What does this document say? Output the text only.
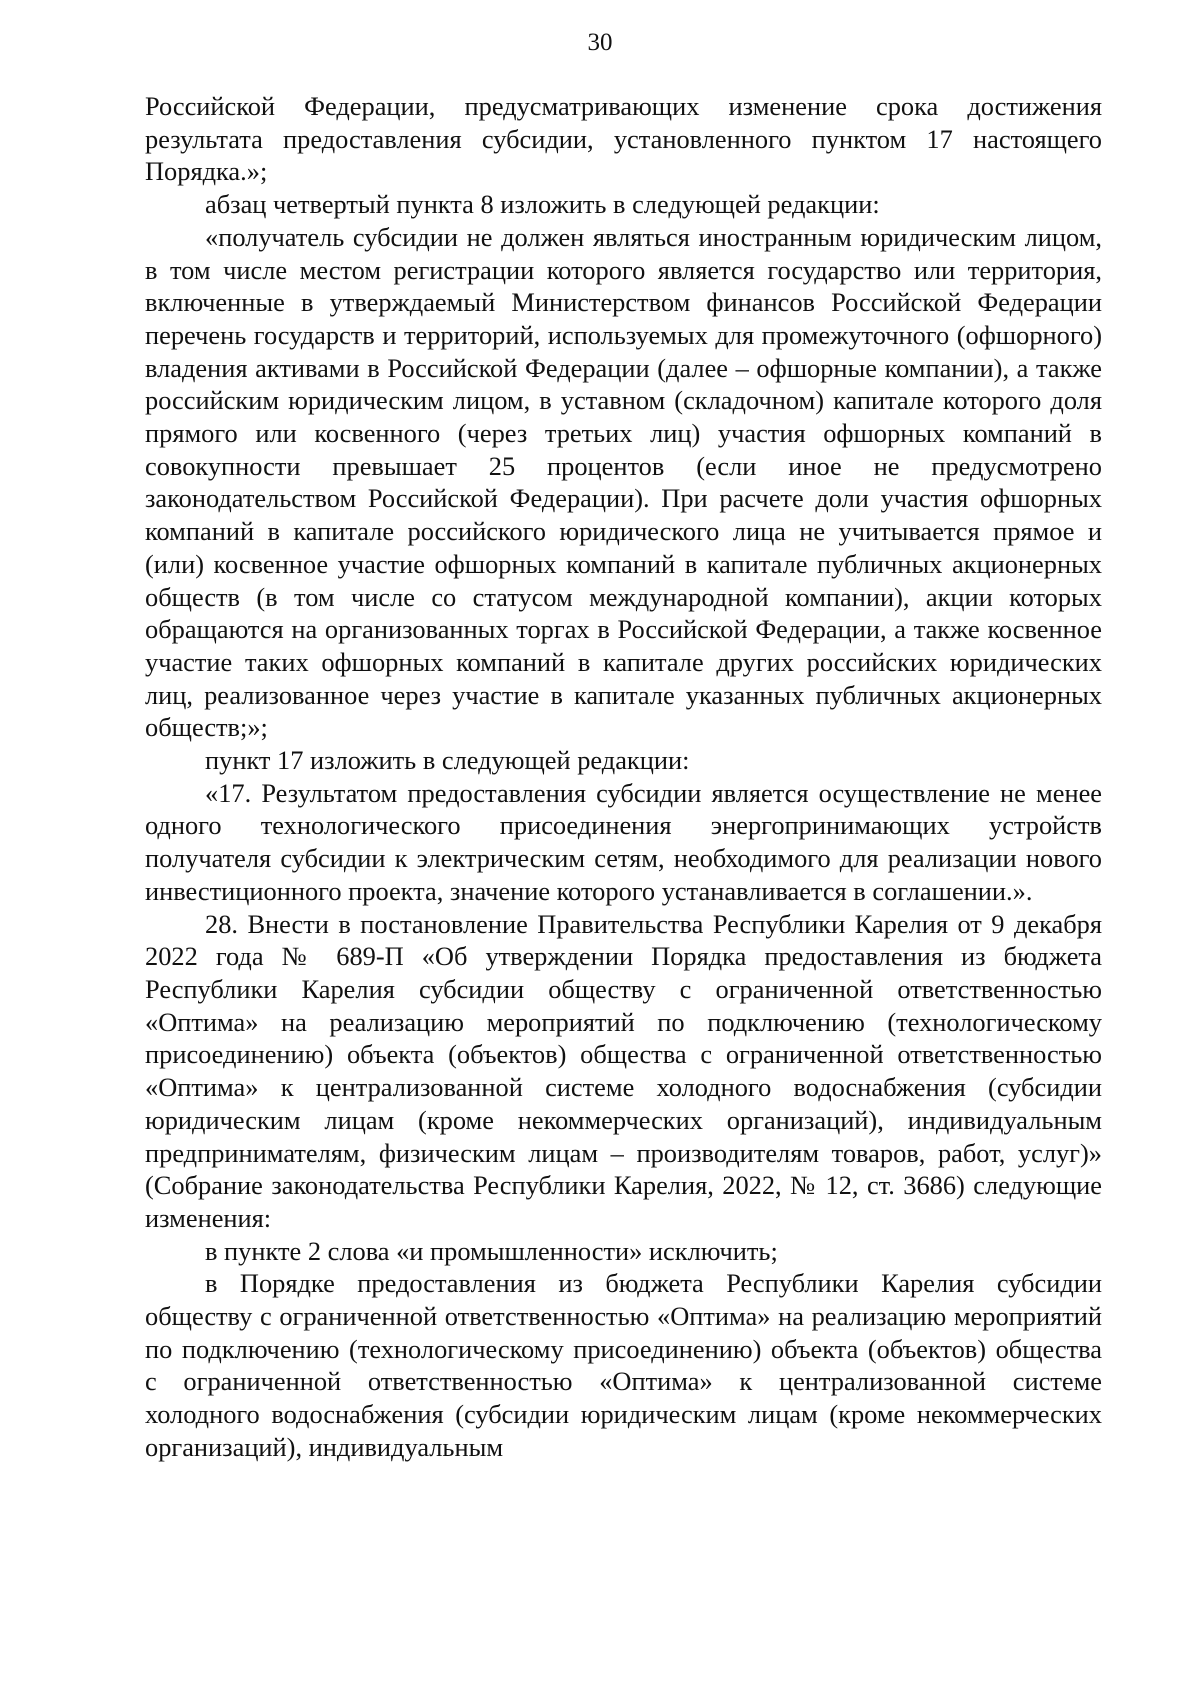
30

Российской Федерации, предусматривающих изменение срока достижения результата предоставления субсидии, установленного пунктом 17 настоящего Порядка.»;

абзац четвертый пункта 8 изложить в следующей редакции:

«получатель субсидии не должен являться иностранным юридическим лицом, в том числе местом регистрации которого является государство или территория, включенные в утверждаемый Министерством финансов Российской Федерации перечень государств и территорий, используемых для промежуточного (офшорного) владения активами в Российской Федерации (далее – офшорные компании), а также российским юридическим лицом, в уставном (складочном) капитале которого доля прямого или косвенного (через третьих лиц) участия офшорных компаний в совокупности превышает 25 процентов (если иное не предусмотрено законодательством Российской Федерации). При расчете доли участия офшорных компаний в капитале российского юридического лица не учитывается прямое и (или) косвенное участие офшорных компаний в капитале публичных акционерных обществ (в том числе со статусом международной компании), акции которых обращаются на организованных торгах в Российской Федерации, а также косвенное участие таких офшорных компаний в капитале других российских юридических лиц, реализованное через участие в капитале указанных публичных акционерных обществ;»;

пункт 17 изложить в следующей редакции:

«17. Результатом предоставления субсидии является осуществление не менее одного технологического присоединения энергопринимающих устройств получателя субсидии к электрическим сетям, необходимого для реализации нового инвестиционного проекта, значение которого устанавливается в соглашении.».

28. Внести в постановление Правительства Республики Карелия от 9 декабря 2022 года № 689-П «Об утверждении Порядка предоставления из бюджета Республики Карелия субсидии обществу с ограниченной ответственностью «Оптима» на реализацию мероприятий по подключению (технологическому присоединению) объекта (объектов) общества с ограниченной ответственностью «Оптима» к централизованной системе холодного водоснабжения (субсидии юридическим лицам (кроме некоммерческих организаций), индивидуальным предпринимателям, физическим лицам – производителям товаров, работ, услуг)» (Собрание законодательства Республики Карелия, 2022, № 12, ст. 3686) следующие изменения:

в пункте 2 слова «и промышленности» исключить;

в Порядке предоставления из бюджета Республики Карелия субсидии обществу с ограниченной ответственностью «Оптима» на реализацию мероприятий по подключению (технологическому присоединению) объекта (объектов) общества с ограниченной ответственностью «Оптима» к централизованной системе холодного водоснабжения (субсидии юридическим лицам (кроме некоммерческих организаций), индивидуальным
